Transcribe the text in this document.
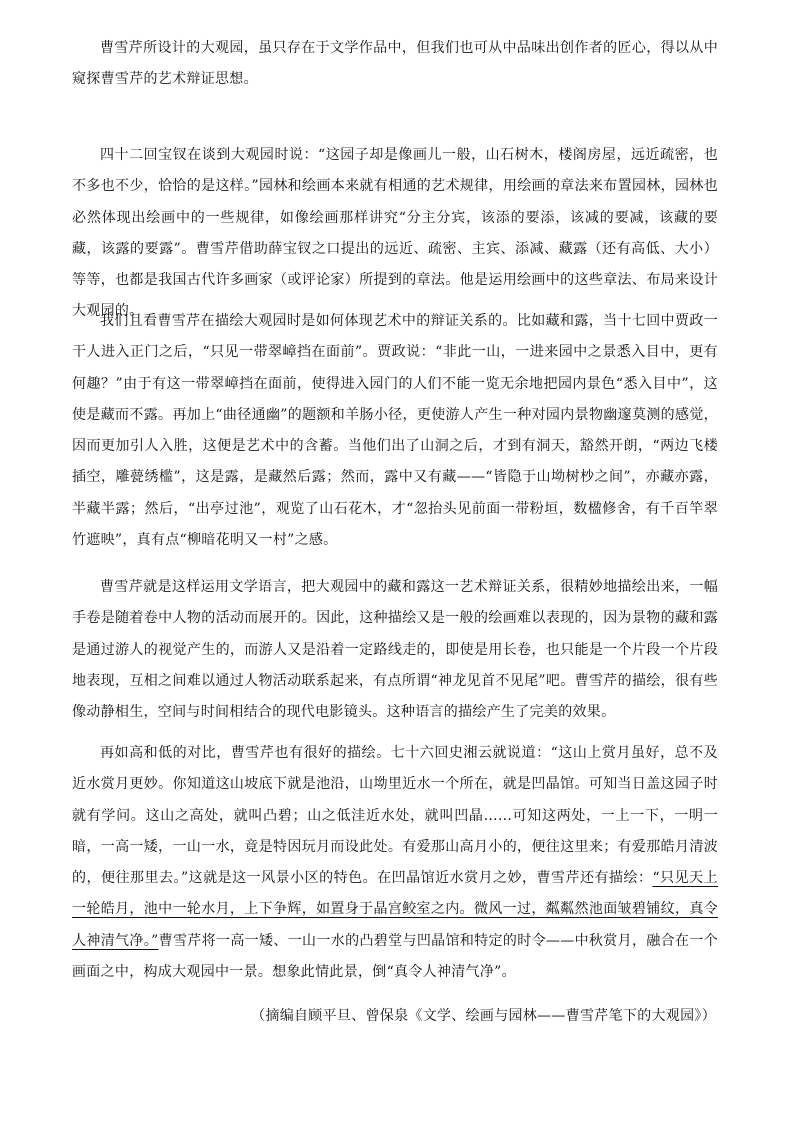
曹雪芹所设计的大观园，虽只存在于文学作品中，但我们也可从中品味出创作者的匠心，得以从中窥探曹雪芹的艺术辩证思想。

四十二回宝钗在谈到大观园时说：“这园子却是像画儿一般，山石树木，楼阁房屋，远近疏密，也不多也不少，恰恰的是这样。”园林和绘画本来就有相通的艺术规律，用绘画的章法来布置园林，园林也必然体现出绘画中的一些规律，如像绘画那样讲究“分主分宾，该添的要添，该减的要减，该藏的要藏，该露的要露”。曹雪芹借助薛宝钗之口提出的远近、疏密、主宾、添减、藏露（还有高低、大小）等等，也都是我国古代许多画家（或评论家）所提到的章法。他是运用绘画中的这些章法、布局来设计大观园的。

我们且看曹雪芹在描绘大观园时是如何体现艺术中的辩证关系的。比如藏和露，当十七回中贾政一干人进入正门之后，“只见一带翠嶂挡在面前”。贾政说：“非此一山，一进来园中之景悉入目中，更有何趣？”由于有这一带翠嶂挡在面前，使得进入园门的人们不能一览无余地把园内景色“悉入目中”，这使是藏而不露。再加上“曲径通幽”的题额和羊肠小径，更使游人产生一种对园内景物幽邃莫测的感觉，因而更加引人入胜，这便是艺术中的含蓄。当他们出了山洞之后，才到有洞天，豁然开朗，“两边飞楼插空，雕甍绣槛”，这是露，是藏然后露；然而，露中又有藏——“皆隐于山坳树杪之间”，亦藏亦露，半藏半露；然后，“出亭过池”，观览了山石花木，才“忽抬头见前面一带粉垣，数楹修舍，有千百竿翠竹遮映”，真有点“柳暗花明又一村”之感。

曹雪芹就是这样运用文学语言，把大观园中的藏和露这一艺术辩证关系，很精妙地描绘出来，一幅手卷是随着卷中人物的活动而展开的。因此，这种描绘又是一般的绘画难以表现的，因为景物的藏和露是通过游人的视觉产生的，而游人又是沿着一定路线走的，即使是用长卷，也只能是一个片段一个片段地表现，互相之间难以通过人物活动联系起来，有点所谓“神龙见首不见尾”吧。曹雪芹的描绘，很有些像动静相生，空间与时间相结合的现代电影镜头。这种语言的描绘产生了完美的效果。

再如高和低的对比，曹雪芹也有很好的描绘。七十六回史湘云就说道：“这山上赏月虽好，总不及近水赏月更妙。你知道这山坡底下就是池沿，山坳里近水一个所在，就是凹晶馆。可知当日盖这园子时就有学问。这山之高处，就叫凸碧；山之低洼近水处，就叫凹晶……可知这两处，一上一下，一明一暗，一高一矮，一山一水，竟是特因玩月而设此处。有爱那山高月小的，便往这里来；有爱那皓月清波的，便往那里去。”这就是这一风景小区的特色。在凹晶馆近水赏月之妙，曹雪芹还有描绘：“只见天上一轮皓月，池中一轮水月，上下争辉，如置身于晶宫鲛室之内。微风一过，粼粼然池面皱碧铺纹，真令人神清气净。”曹雪芹将一高一矮、一山一水的凸碧堂与凹晶馆和特定的时令——中秋赏月，融合在一个画面之中，构成大观园中一景。想象此情此景，倒“真令人神清气净”。

（摘编自顾平旦、曾保泉《文学、绘画与园林——曹雪芹笔下的大观园》）
